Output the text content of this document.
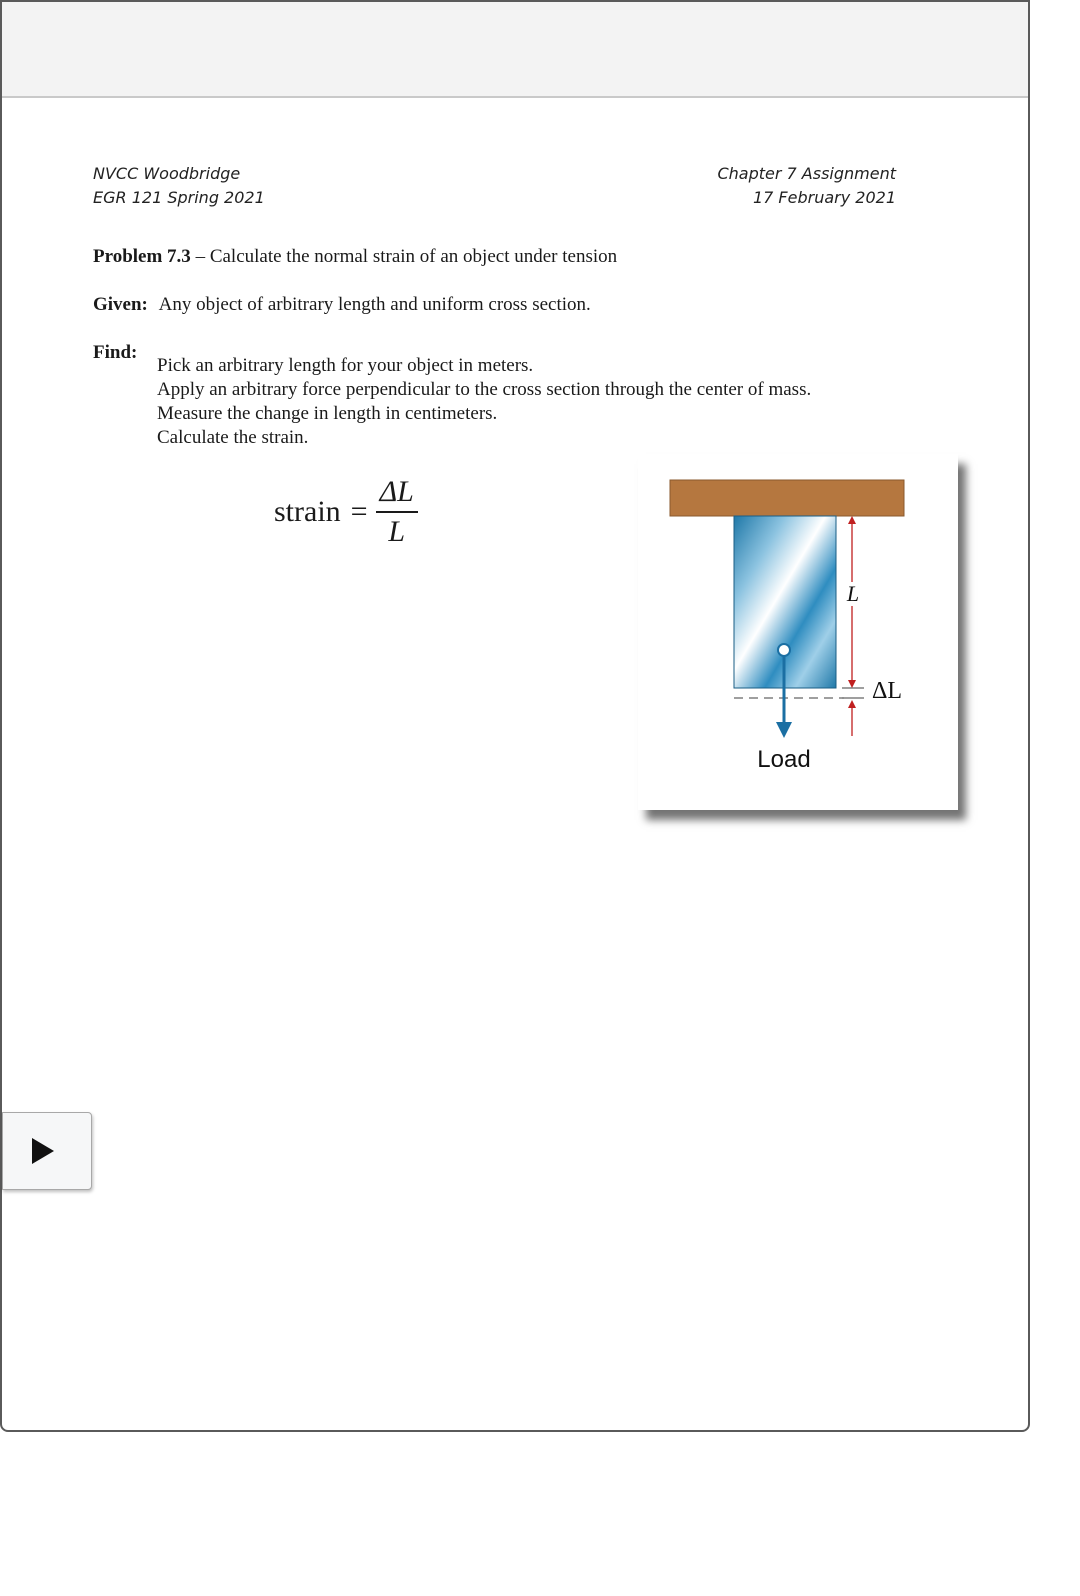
NVCC Woodbridge
EGR 121 Spring 2021
Chapter 7 Assignment
17 February 2021
Problem 7.3 – Calculate the normal strain of an object under tension
Given: Any object of arbitrary length and uniform cross section.
Find:
Pick an arbitrary length for your object in meters.
Apply an arbitrary force perpendicular to the cross section through the center of mass.
Measure the change in length in centimeters.
Calculate the strain.
strain = $\frac{\Delta L}{L}$
L
ΔL
Load
